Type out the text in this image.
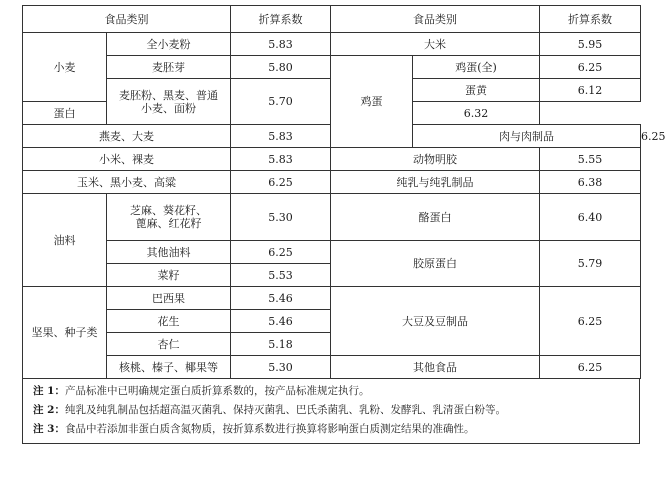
食品类别		折算系数	食品类别		折算系数	
小麦	全小麦粉	5.83	大米		5.95	
	麦胚芽	5.80	鸡蛋	鸡蛋(全)	6.25	
	麦胚粉、黑麦、普通
小麦、面粉	5.70		蛋黄	6.12	
蛋白				6.32		
燕麦、大麦		5.83		肉与肉制品		6.25
小米、裸麦		5.83	动物明胶		5.55	
玉米、黑小麦、高粱		6.25	纯乳与纯乳制品		6.38	
油料	芝麻、葵花籽、
蓖麻、红花籽	5.30	酪蛋白		6.40	
	其他油料	6.25	胶原蛋白		5.79	
	菜籽	5.53				
坚果、种子类	巴西果	5.46	大豆及豆制品		6.25	
	花生	5.46				
	杏仁	5.18				
	核桃、榛子、椰果等	5.30	其他食品		6.25	
注 1：产品标准中已明确规定蛋白质折算系数的，按产品标准规定执行。
注 2：纯乳及纯乳制品包括超高温灭菌乳、保持灭菌乳、巴氏杀菌乳、乳粉、发酵乳、乳清蛋白粉等。
注 3：食品中若添加非蛋白质含氮物质，按折算系数进行换算将影响蛋白质测定结果的准确性。
